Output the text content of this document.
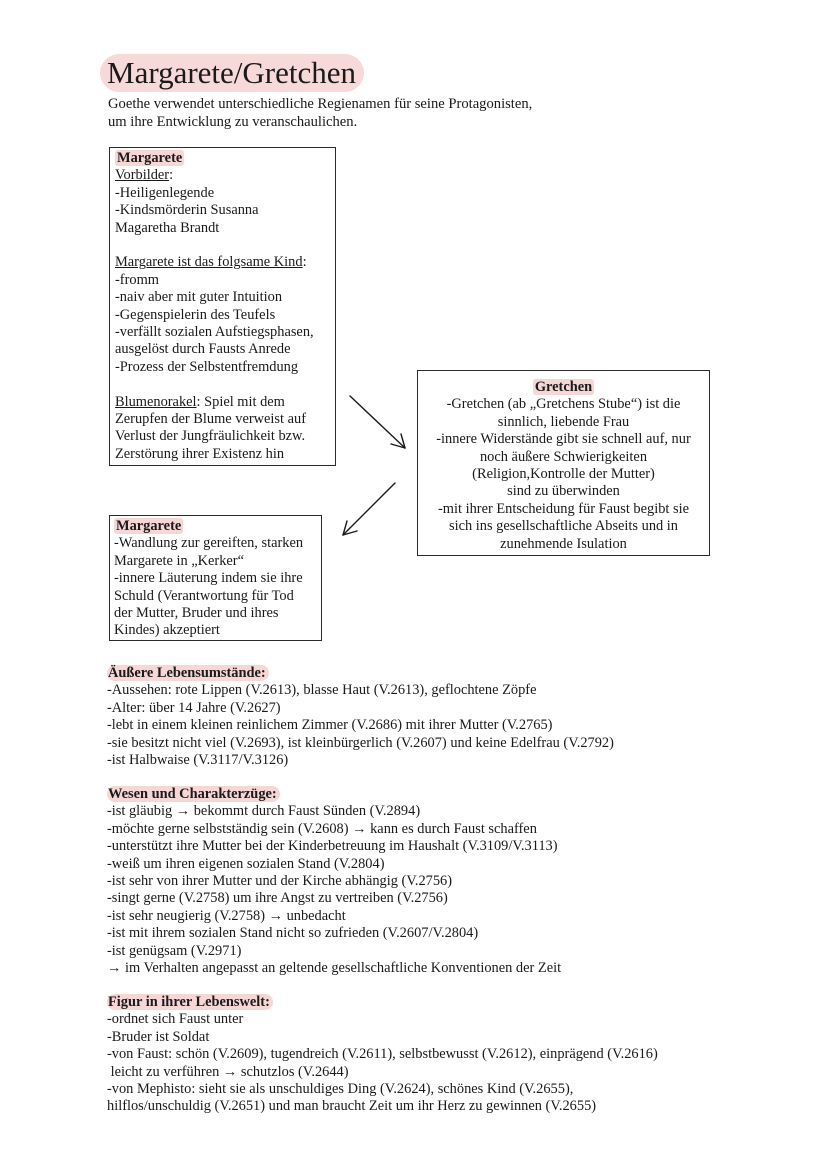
Margarete/Gretchen
Goethe verwendet unterschiedliche Regienamen für seine Protagonisten,
um ihre Entwicklung zu veranschaulichen.
Margarete
Vorbilder:
-Heiligenlegende
-Kindsmörderin Susanna
Magaretha Brandt
Margarete ist das folgsame Kind:
-fromm
-naiv aber mit guter Intuition
-Gegenspielerin des Teufels
-verfällt sozialen Aufstiegsphasen,
ausgelöst durch Fausts Anrede
-Prozess der Selbstentfremdung
Blumenorakel: Spiel mit dem
Zerupfen der Blume verweist auf
Verlust der Jungfräulichkeit bzw.
Zerstörung ihrer Existenz hin
Gretchen
-Gretchen (ab „Gretchens Stube“) ist die
sinnlich, liebende Frau
-innere Widerstände gibt sie schnell auf, nur
noch äußere Schwierigkeiten
(Religion,Kontrolle der Mutter)
sind zu überwinden
-mit ihrer Entscheidung für Faust begibt sie
sich ins gesellschaftliche Abseits und in
zunehmende Isulation
Margarete
-Wandlung zur gereiften, starken
Margarete in „Kerker“
-innere Läuterung indem sie ihre
Schuld (Verantwortung für Tod
der Mutter, Bruder und ihres
Kindes) akzeptiert
Äußere Lebensumstände:
-Aussehen: rote Lippen (V.2613), blasse Haut (V.2613), geflochtene Zöpfe
-Alter: über 14 Jahre (V.2627)
-lebt in einem kleinen reinlichem Zimmer (V.2686) mit ihrer Mutter (V.2765)
-sie besitzt nicht viel (V.2693), ist kleinbürgerlich (V.2607) und keine Edelfrau (V.2792)
-ist Halbwaise (V.3117/V.3126)
Wesen und Charakterzüge:
-ist gläubig → bekommt durch Faust Sünden (V.2894)
-möchte gerne selbstständig sein (V.2608) → kann es durch Faust schaffen
-unterstützt ihre Mutter bei der Kinderbetreuung im Haushalt (V.3109/V.3113)
-weiß um ihren eigenen sozialen Stand (V.2804)
-ist sehr von ihrer Mutter und der Kirche abhängig (V.2756)
-singt gerne (V.2758) um ihre Angst zu vertreiben (V.2756)
-ist sehr neugierig (V.2758) → unbedacht
-ist mit ihrem sozialen Stand nicht so zufrieden (V.2607/V.2804)
-ist genügsam (V.2971)
→ im Verhalten angepasst an geltende gesellschaftliche Konventionen der Zeit
Figur in ihrer Lebenswelt:
-ordnet sich Faust unter
-Bruder ist Soldat
-von Faust: schön (V.2609), tugendreich (V.2611), selbstbewusst (V.2612), einprägend (V.2616)
leicht zu verführen → schutzlos (V.2644)
-von Mephisto: sieht sie als unschuldiges Ding (V.2624), schönes Kind (V.2655),
hilflos/unschuldig (V.2651) und man braucht Zeit um ihr Herz zu gewinnen (V.2655)
